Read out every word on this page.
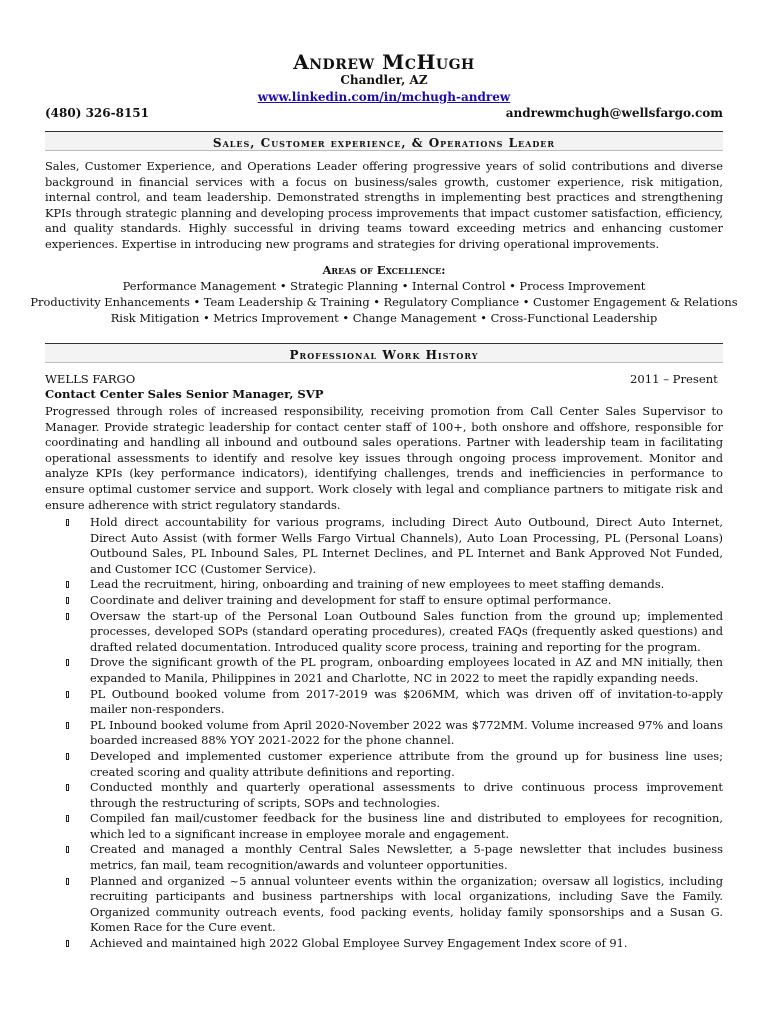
Andrew McHugh
Chandler, AZ
www.linkedin.com/in/mchugh-andrew
(480) 326-8151	andrewmchugh@wellsfargo.com
Sales, Customer experience, & Operations Leader
Sales, Customer Experience, and Operations Leader offering progressive years of solid contributions and diverse background in financial services with a focus on business/sales growth, customer experience, risk mitigation, internal control, and team leadership. Demonstrated strengths in implementing best practices and strengthening KPIs through strategic planning and developing process improvements that impact customer satisfaction, efficiency, and quality standards. Highly successful in driving teams toward exceeding metrics and enhancing customer experiences. Expertise in introducing new programs and strategies for driving operational improvements.
Areas of Excellence:
Performance Management • Strategic Planning • Internal Control • Process Improvement
Productivity Enhancements • Team Leadership & Training • Regulatory Compliance • Customer Engagement & Relations
Risk Mitigation • Metrics Improvement • Change Management • Cross-Functional Leadership
Professional Work History
WELLS FARGO	2011 – Present
Contact Center Sales Senior Manager, SVP
Progressed through roles of increased responsibility, receiving promotion from Call Center Sales Supervisor to Manager. Provide strategic leadership for contact center staff of 100+, both onshore and offshore, responsible for coordinating and handling all inbound and outbound sales operations. Partner with leadership team in facilitating operational assessments to identify and resolve key issues through ongoing process improvement. Monitor and analyze KPIs (key performance indicators), identifying challenges, trends and inefficiencies in performance to ensure optimal customer service and support. Work closely with legal and compliance partners to mitigate risk and ensure adherence with strict regulatory standards.
Hold direct accountability for various programs, including Direct Auto Outbound, Direct Auto Internet, Direct Auto Assist (with former Wells Fargo Virtual Channels), Auto Loan Processing, PL (Personal Loans) Outbound Sales, PL Inbound Sales, PL Internet Declines, and PL Internet and Bank Approved Not Funded, and Customer ICC (Customer Service).
Lead the recruitment, hiring, onboarding and training of new employees to meet staffing demands.
Coordinate and deliver training and development for staff to ensure optimal performance.
Oversaw the start-up of the Personal Loan Outbound Sales function from the ground up; implemented processes, developed SOPs (standard operating procedures), created FAQs (frequently asked questions) and drafted related documentation. Introduced quality score process, training and reporting for the program.
Drove the significant growth of the PL program, onboarding employees located in AZ and MN initially, then expanded to Manila, Philippines in 2021 and Charlotte, NC in 2022 to meet the rapidly expanding needs.
PL Outbound booked volume from 2017-2019 was $206MM, which was driven off of invitation-to-apply mailer non-responders.
PL Inbound booked volume from April 2020-November 2022 was $772MM. Volume increased 97% and loans boarded increased 88% YOY 2021-2022 for the phone channel.
Developed and implemented customer experience attribute from the ground up for business line uses; created scoring and quality attribute definitions and reporting.
Conducted monthly and quarterly operational assessments to drive continuous process improvement through the restructuring of scripts, SOPs and technologies.
Compiled fan mail/customer feedback for the business line and distributed to employees for recognition, which led to a significant increase in employee morale and engagement.
Created and managed a monthly Central Sales Newsletter, a 5-page newsletter that includes business metrics, fan mail, team recognition/awards and volunteer opportunities.
Planned and organized ~5 annual volunteer events within the organization; oversaw all logistics, including recruiting participants and business partnerships with local organizations, including Save the Family. Organized community outreach events, food packing events, holiday family sponsorships and a Susan G. Komen Race for the Cure event.
Achieved and maintained high 2022 Global Employee Survey Engagement Index score of 91.
